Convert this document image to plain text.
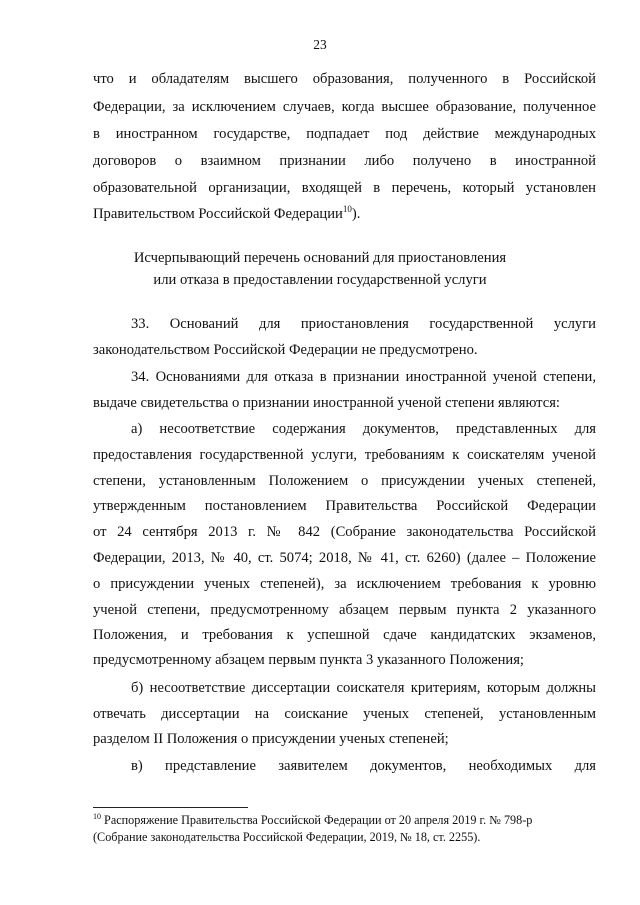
23
что и обладателям высшего образования, полученного в Российской
Федерации, за исключением случаев, когда высшее образование, полученное
в иностранном государстве, подпадает под действие международных
договоров о взаимном признании либо получено в иностранной
образовательной организации, входящей в перечень, который установлен
Правительством Российской Федерации$^{10}$).
Исчерпывающий перечень оснований для приостановления
или отказа в предоставлении государственной услуги
33. Оснований для приостановления государственной услуги
законодательством Российской Федерации не предусмотрено.
34. Основаниями для отказа в признании иностранной ученой степени,
выдаче свидетельства о признании иностранной ученой степени являются:
а) несоответствие содержания документов, представленных для
предоставления государственной услуги, требованиям к соискателям ученой
степени, установленным Положением о присуждении ученых степеней,
утвержденным постановлением Правительства Российской Федерации
от 24 сентября 2013 г. № 842 (Собрание законодательства Российской
Федерации, 2013, № 40, ст. 5074; 2018, № 41, ст. 6260) (далее – Положение
о присуждении ученых степеней), за исключением требования к уровню
ученой степени, предусмотренному абзацем первым пункта 2 указанного
Положения, и требования к успешной сдаче кандидатских экзаменов,
предусмотренному абзацем первым пункта 3 указанного Положения;
б) несоответствие диссертации соискателя критериям, которым должны
отвечать диссертации на соискание ученых степеней, установленным
разделом II Положения о присуждении ученых степеней;
в) представление заявителем документов, необходимых для
$^{10}$ Распоряжение Правительства Российской Федерации от 20 апреля 2019 г. № 798-р
(Собрание законодательства Российской Федерации, 2019, № 18, ст. 2255).
